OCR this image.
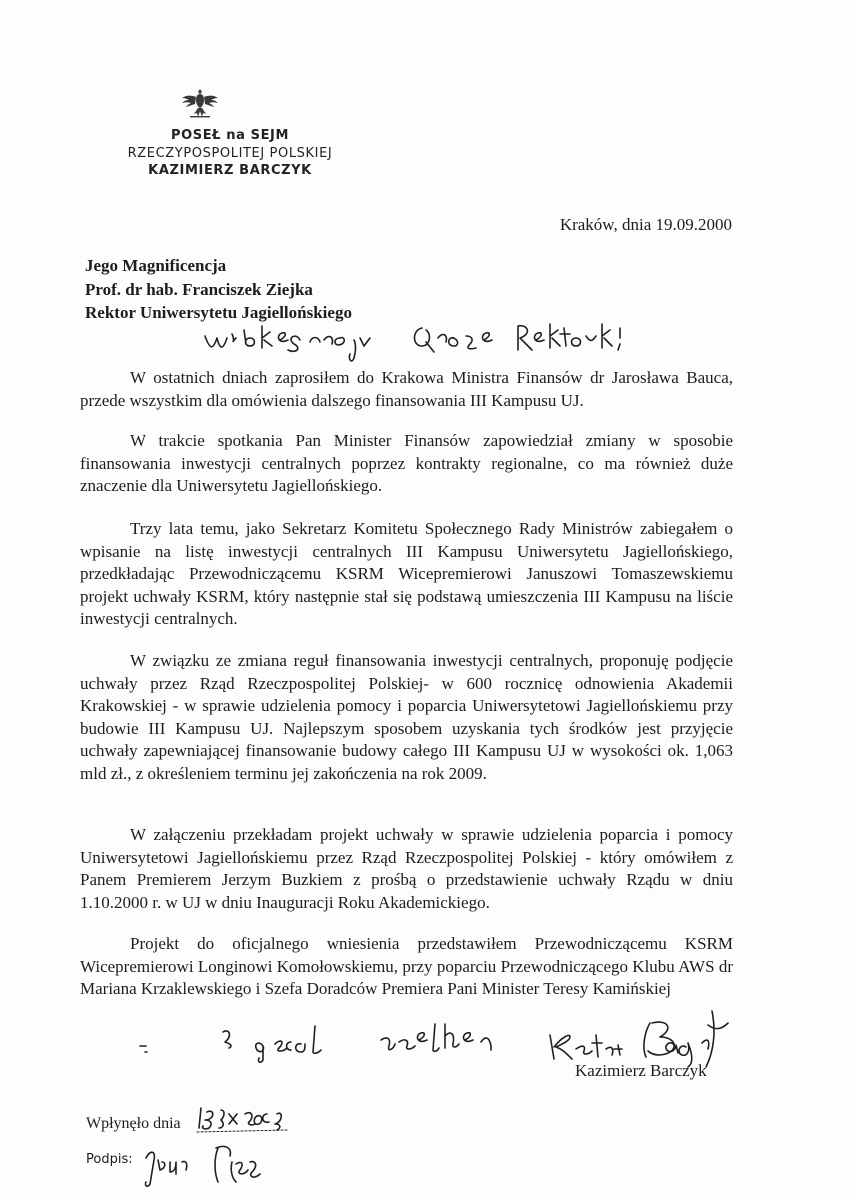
POSEŁ na SEJM
RZECZYPOSPOLITEJ POLSKIEJ
KAZIMIERZ BARCZYK
Kraków, dnia 19.09.2000
Jego Magnificencja
Prof. dr hab. Franciszek Ziejka
Rektor Uniwersytetu Jagiellońskiego

W ostatnich dniach zaprosiłem do Krakowa Ministra Finansów dr Jarosława Bauca, przede wszystkim dla omówienia dalszego finansowania III Kampusu UJ.

W trakcie spotkania Pan Minister Finansów zapowiedział zmiany w sposobie finansowania inwestycji centralnych poprzez kontrakty regionalne, co ma również duże znaczenie dla Uniwersytetu Jagiellońskiego.

Trzy lata temu, jako Sekretarz Komitetu Społecznego Rady Ministrów zabiegałem o wpisanie na listę inwestycji centralnych III Kampusu Uniwersytetu Jagiellońskiego, przedkładając Przewodniczącemu KSRM Wicepremierowi Januszowi Tomaszewskiemu projekt uchwały KSRM, który następnie stał się podstawą umieszczenia III Kampusu na liście inwestycji centralnych.

W związku ze zmiana reguł finansowania inwestycji centralnych, proponuję podjęcie uchwały przez Rząd Rzeczpospolitej Polskiej- w 600 rocznicę odnowienia Akademii Krakowskiej - w sprawie udzielenia pomocy i poparcia Uniwersytetowi Jagiellońskiemu przy budowie III Kampusu UJ. Najlepszym sposobem uzyskania tych środków jest przyjęcie uchwały zapewniającej finansowanie budowy całego III Kampusu UJ w wysokości ok. 1,063 mld zł., z określeniem terminu jej zakończenia na rok 2009.

W załączeniu przekładam projekt uchwały w sprawie udzielenia poparcia i pomocy Uniwersytetowi Jagiellońskiemu przez Rząd Rzeczpospolitej Polskiej - który omówiłem z Panem Premierem Jerzym Buzkiem z prośbą o przedstawienie uchwały Rządu w dniu 1.10.2000 r. w UJ w dniu Inauguracji Roku Akademickiego.

Projekt do oficjalnego wniesienia przedstawiłem Przewodniczącemu KSRM Wicepremierowi Longinowi Komołowskiemu, przy poparciu Przewodniczącego Klubu AWS dr Mariana Krzaklewskiego i Szefa Doradców Premiera Pani Minister Teresy Kamińskiej

Kazimierz Barczyk
Wpłynęło dnia
Podpis:
